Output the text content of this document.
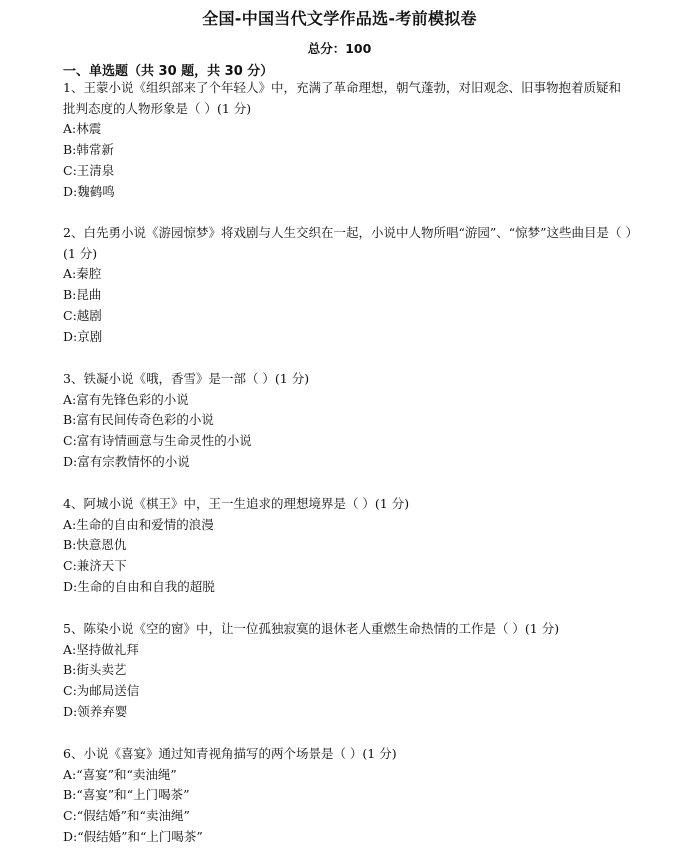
全国-中国当代文学作品选-考前模拟卷
总分：100
一、单选题（共 30 题，共 30 分）

1、王蒙小说《组织部来了个年轻人》中，充满了革命理想，朝气蓬勃，对旧观念、旧事物抱着质疑和批判态度的人物形象是（ ）(1 分)

A:林震

B:韩常新

C:王清泉

D:魏鹤鸣

2、白先勇小说《游园惊梦》将戏剧与人生交织在一起，小说中人物所唱“游园”、“惊梦”这些曲目是（ ）(1 分)

A:秦腔

B:昆曲

C:越剧

D:京剧

3、铁凝小说《哦，香雪》是一部（ ）(1 分)

A:富有先锋色彩的小说

B:富有民间传奇色彩的小说

C:富有诗情画意与生命灵性的小说

D:富有宗教情怀的小说

4、阿城小说《棋王》中，王一生追求的理想境界是（ ）(1 分)

A:生命的自由和爱情的浪漫

B:快意恩仇

C:兼济天下

D:生命的自由和自我的超脱

5、陈染小说《空的窗》中，让一位孤独寂寞的退休老人重燃生命热情的工作是（ ）(1 分)

A:坚持做礼拜

B:街头卖艺

C:为邮局送信

D:领养弃婴

6、小说《喜宴》通过知青视角描写的两个场景是（ ）(1 分)

A:“喜宴”和“卖油绳”

B:“喜宴”和“上门喝茶”

C:“假结婚”和“卖油绳”

D:“假结婚”和“上门喝茶”
